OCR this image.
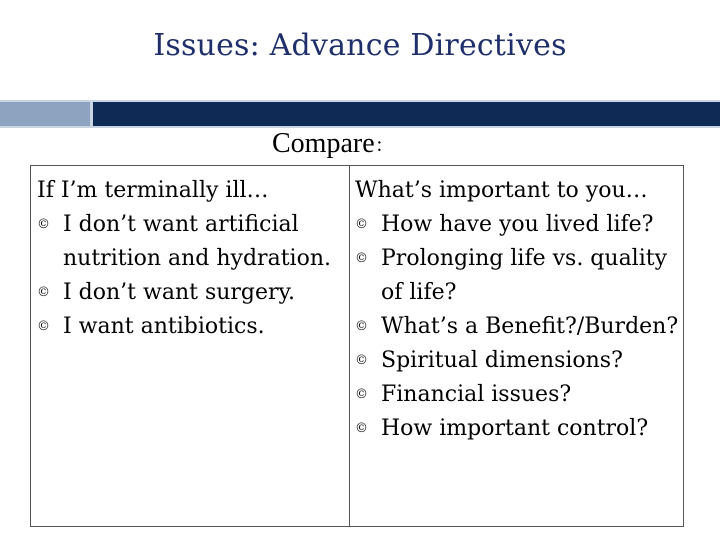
Issues: Advance Directives
Compare :
If I’m terminally ill…
© I don’t want artificial nutrition and hydration.
© I don’t want surgery.
© I want antibiotics.
What’s important to you…
© How have you lived life?
© Prolonging life vs. quality of life?
© What’s a Benefit?/Burden?
© Spiritual dimensions?
© Financial issues?
© How important control?
